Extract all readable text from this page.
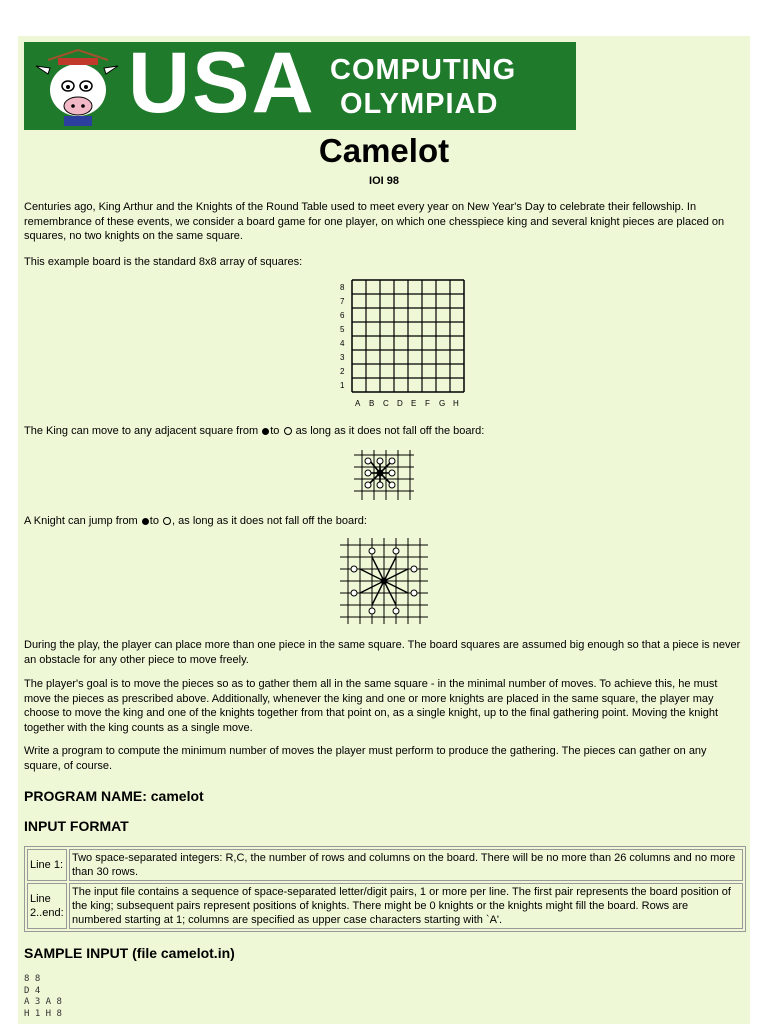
USA COMPUTING
OLYMPIAD
Camelot
IOI 98
Centuries ago, King Arthur and the Knights of the Round Table used to meet every year on New Year's Day to celebrate their fellowship. In remembrance of these events, we consider a board game for one player, on which one chesspiece king and several knight pieces are placed on squares, no two knights on the same square.
This example board is the standard 8x8 array of squares:
8
7
6
5
4
3
2
1
A B C D E F G H
The King can move to any adjacent square from to as long as it does not fall off the board:
A Knight can jump from to , as long as it does not fall off the board:
During the play, the player can place more than one piece in the same square. The board squares are assumed big enough so that a piece is never an obstacle for any other piece to move freely.
The player's goal is to move the pieces so as to gather them all in the same square - in the minimal number of moves. To achieve this, he must move the pieces as prescribed above. Additionally, whenever the king and one or more knights are placed in the same square, the player may choose to move the king and one of the knights together from that point on, as a single knight, up to the final gathering point. Moving the knight together with the king counts as a single move.
Write a program to compute the minimum number of moves the player must perform to produce the gathering. The pieces can gather on any square, of course.
PROGRAM NAME: camelot
INPUT FORMAT
Line 1:	Two space-separated integers: R,C, the number of rows and columns on the board. There will be no more than 26 columns and no more than 30 rows.
Line 2..end:	The input file contains a sequence of space-separated letter/digit pairs, 1 or more per line. The first pair represents the board position of the king; subsequent pairs represent positions of knights. There might be 0 knights or the knights might fill the board. Rows are numbered starting at 1; columns are specified as upper case characters starting with `A'.
SAMPLE INPUT (file camelot.in)
8 8
D 4
A 3 A 8
H 1 H 8
